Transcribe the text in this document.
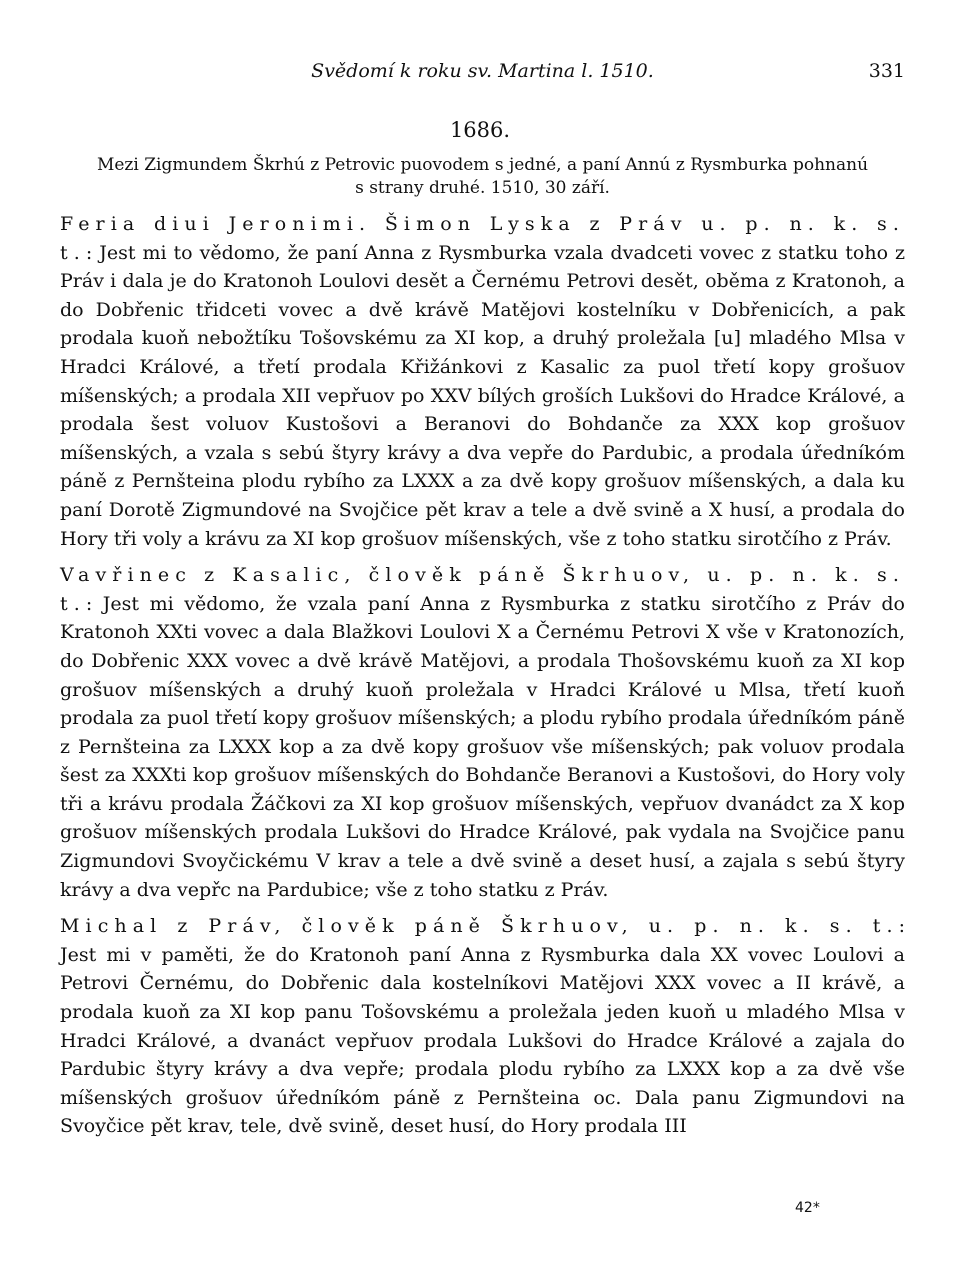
Svědomí k roku sv. Martina l. 1510.	331
1686.
Mezi Zigmundem Škrhú z Petrovic puovodem s jedné, a paní Annú z Rysmburka pohnanú
s strany druhé. 1510, 30 září.

Feria diui Jeronimi. Šimon Lyska z Práv u. p. n. k. s. t.: Jest mi to vědomo, že paní Anna z Rysmburka vzala dvadceti vovec z statku toho z Práv i dala je do Kratonoh Loulovi desět a Černému Petrovi desět, oběma z Kratonoh, a do Dobřenic třidceti vovec a dvě krávě Matějovi kostelníku v Dobřenicích, a pak prodala kuoň nebožtíku Tošovskému za XI kop, a druhý proležala [u] mladého Mlsa v Hradci Králové, a třetí prodala Křižánkovi z Kasalic za puol třetí kopy grošuov míšenských; a prodala XII vepřuov po XXV bílých groších Lukšovi do Hradce Králové, a prodala šest voluov Kustošovi a Beranovi do Bohdanče za XXX kop grošuov míšenských, a vzala s sebú štyry krávy a dva vepře do Pardubic, a prodala úředníkóm páně z Pernšteina plodu rybího za LXXX a za dvě kopy grošuov míšenských, a dala ku paní Dorotě Zigmundové na Svojčice pět krav a tele a dvě svině a X husí, a prodala do Hory tři voly a krávu za XI kop grošuov míšenských, vše z toho statku sirotčího z Práv.

Vavřinec z Kasalic, člověk páně Škrhuov, u. p. n. k. s. t.: Jest mi vědomo, že vzala paní Anna z Rysmburka z statku sirotčího z Práv do Kratonoh XXti vovec a dala Blažkovi Loulovi X a Černému Petrovi X vše v Kratonozích, do Dobřenic XXX vovec a dvě krávě Matějovi, a prodala Thošovskému kuoň za XI kop grošuov míšenských a druhý kuoň proležala v Hradci Králové u Mlsa, třetí kuoň prodala za puol třetí kopy grošuov míšenských; a plodu rybího prodala úředníkóm páně z Pernšteina za LXXX kop a za dvě kopy grošuov vše míšenských; pak voluov prodala šest za XXXti kop grošuov míšenských do Bohdanče Beranovi a Kustošovi, do Hory voly tři a krávu prodala Žáčkovi za XI kop grošuov míšenských, vepřuov dvanádct za X kop grošuov míšenských prodala Lukšovi do Hradce Králové, pak vydala na Svojčice panu Zigmundovi Svoyčickému V krav a tele a dvě svině a deset husí, a zajala s sebú štyry krávy a dva vepřc na Pardubice; vše z toho statku z Práv.

Michal z Práv, člověk páně Škrhuov, u. p. n. k. s. t.: Jest mi v paměti, že do Kratonoh paní Anna z Rysmburka dala XX vovec Loulovi a Petrovi Černému, do Dobřenic dala kostelníkovi Matějovi XXX vovec a II krávě, a prodala kuoň za XI kop panu Tošovskému a proležala jeden kuoň u mladého Mlsa v Hradci Králové, a dvanáct vepřuov prodala Lukšovi do Hradce Králové a zajala do Pardubic štyry krávy a dva vepře; prodala plodu rybího za LXXX kop a za dvě vše míšenských grošuov úředníkóm páně z Pernšteina oc. Dala panu Zigmundovi na Svoyčice pět krav, tele, dvě svině, deset husí, do Hory prodala III

42*
